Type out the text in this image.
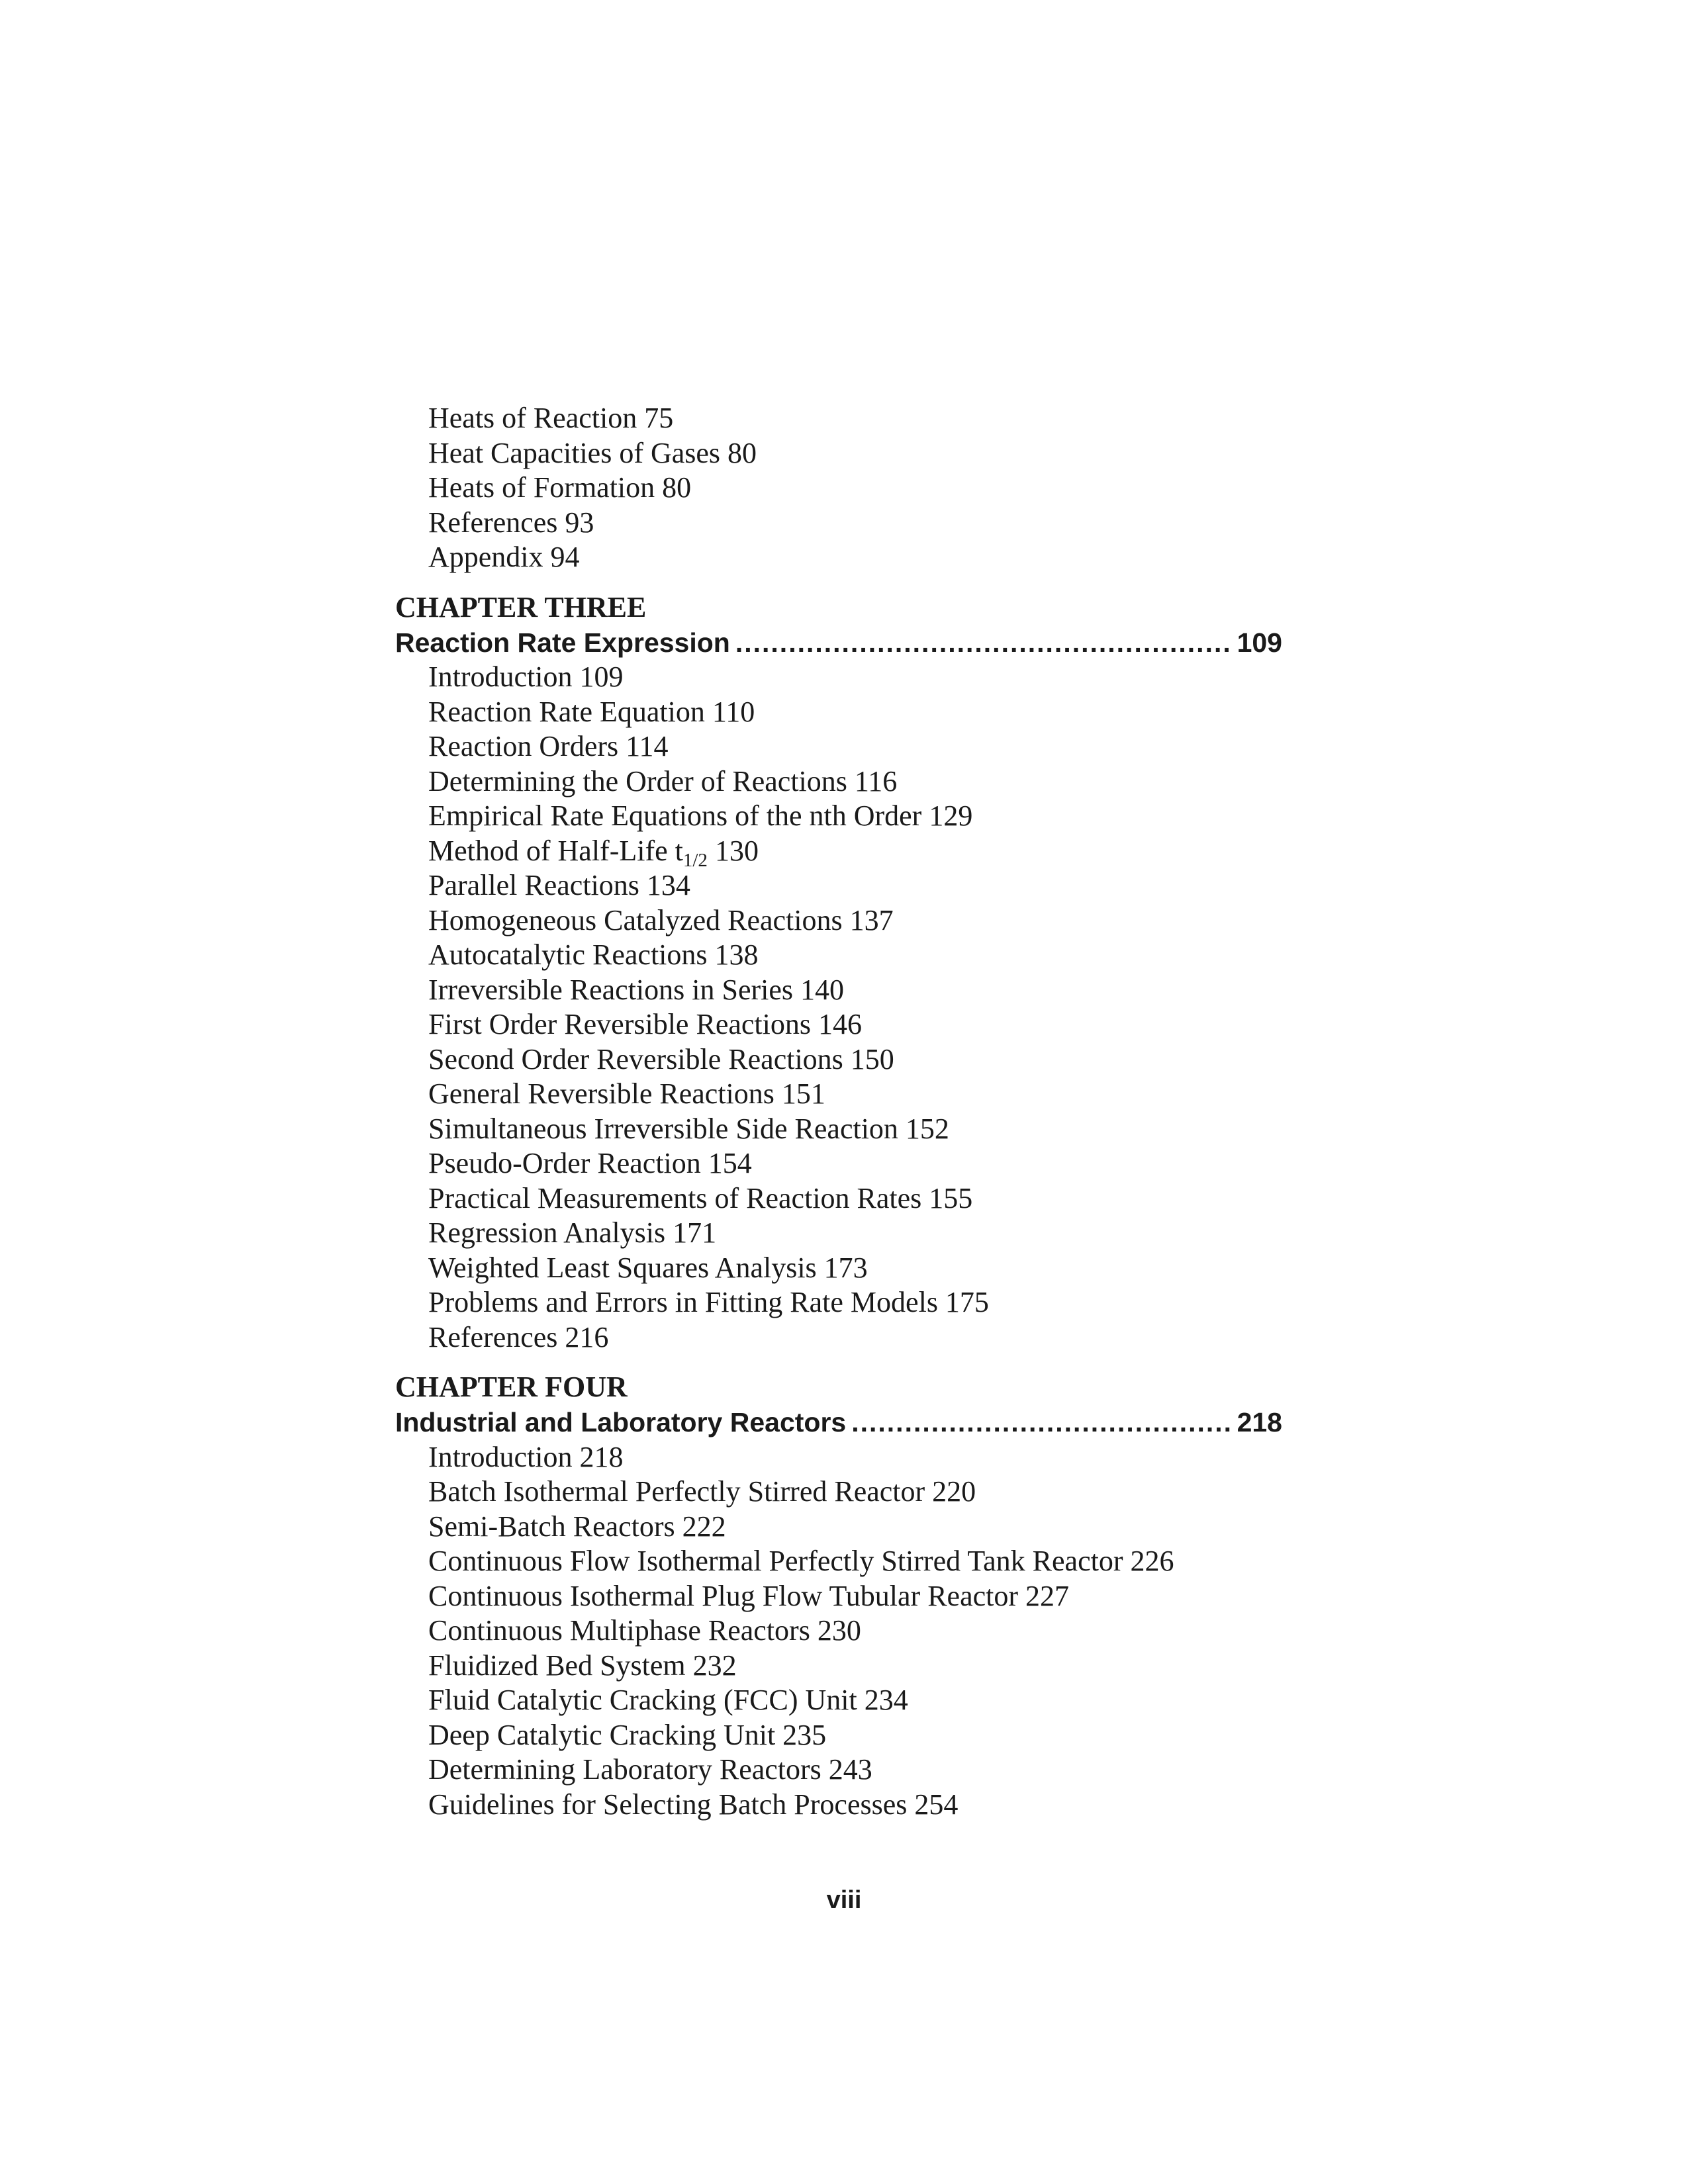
Heats of Reaction 75
Heat Capacities of Gases 80
Heats of Formation 80
References 93
Appendix 94
CHAPTER THREE
Reaction Rate Expression .....	109
Introduction 109
Reaction Rate Equation 110
Reaction Orders 114
Determining the Order of Reactions 116
Empirical Rate Equations of the nth Order 129
Method of Half-Life $t_{1/2}$ 130
Parallel Reactions 134
Homogeneous Catalyzed Reactions 137
Autocatalytic Reactions 138
Irreversible Reactions in Series 140
First Order Reversible Reactions 146
Second Order Reversible Reactions 150
General Reversible Reactions 151
Simultaneous Irreversible Side Reaction 152
Pseudo-Order Reaction 154
Practical Measurements of Reaction Rates 155
Regression Analysis 171
Weighted Least Squares Analysis 173
Problems and Errors in Fitting Rate Models 175
References 216
CHAPTER FOUR
Industrial and Laboratory Reactors .....	218
Introduction 218
Batch Isothermal Perfectly Stirred Reactor 220
Semi-Batch Reactors 222
Continuous Flow Isothermal Perfectly Stirred Tank Reactor 226
Continuous Isothermal Plug Flow Tubular Reactor 227
Continuous Multiphase Reactors 230
Fluidized Bed System 232
Fluid Catalytic Cracking (FCC) Unit 234
Deep Catalytic Cracking Unit 235
Determining Laboratory Reactors 243
Guidelines for Selecting Batch Processes 254
viii
